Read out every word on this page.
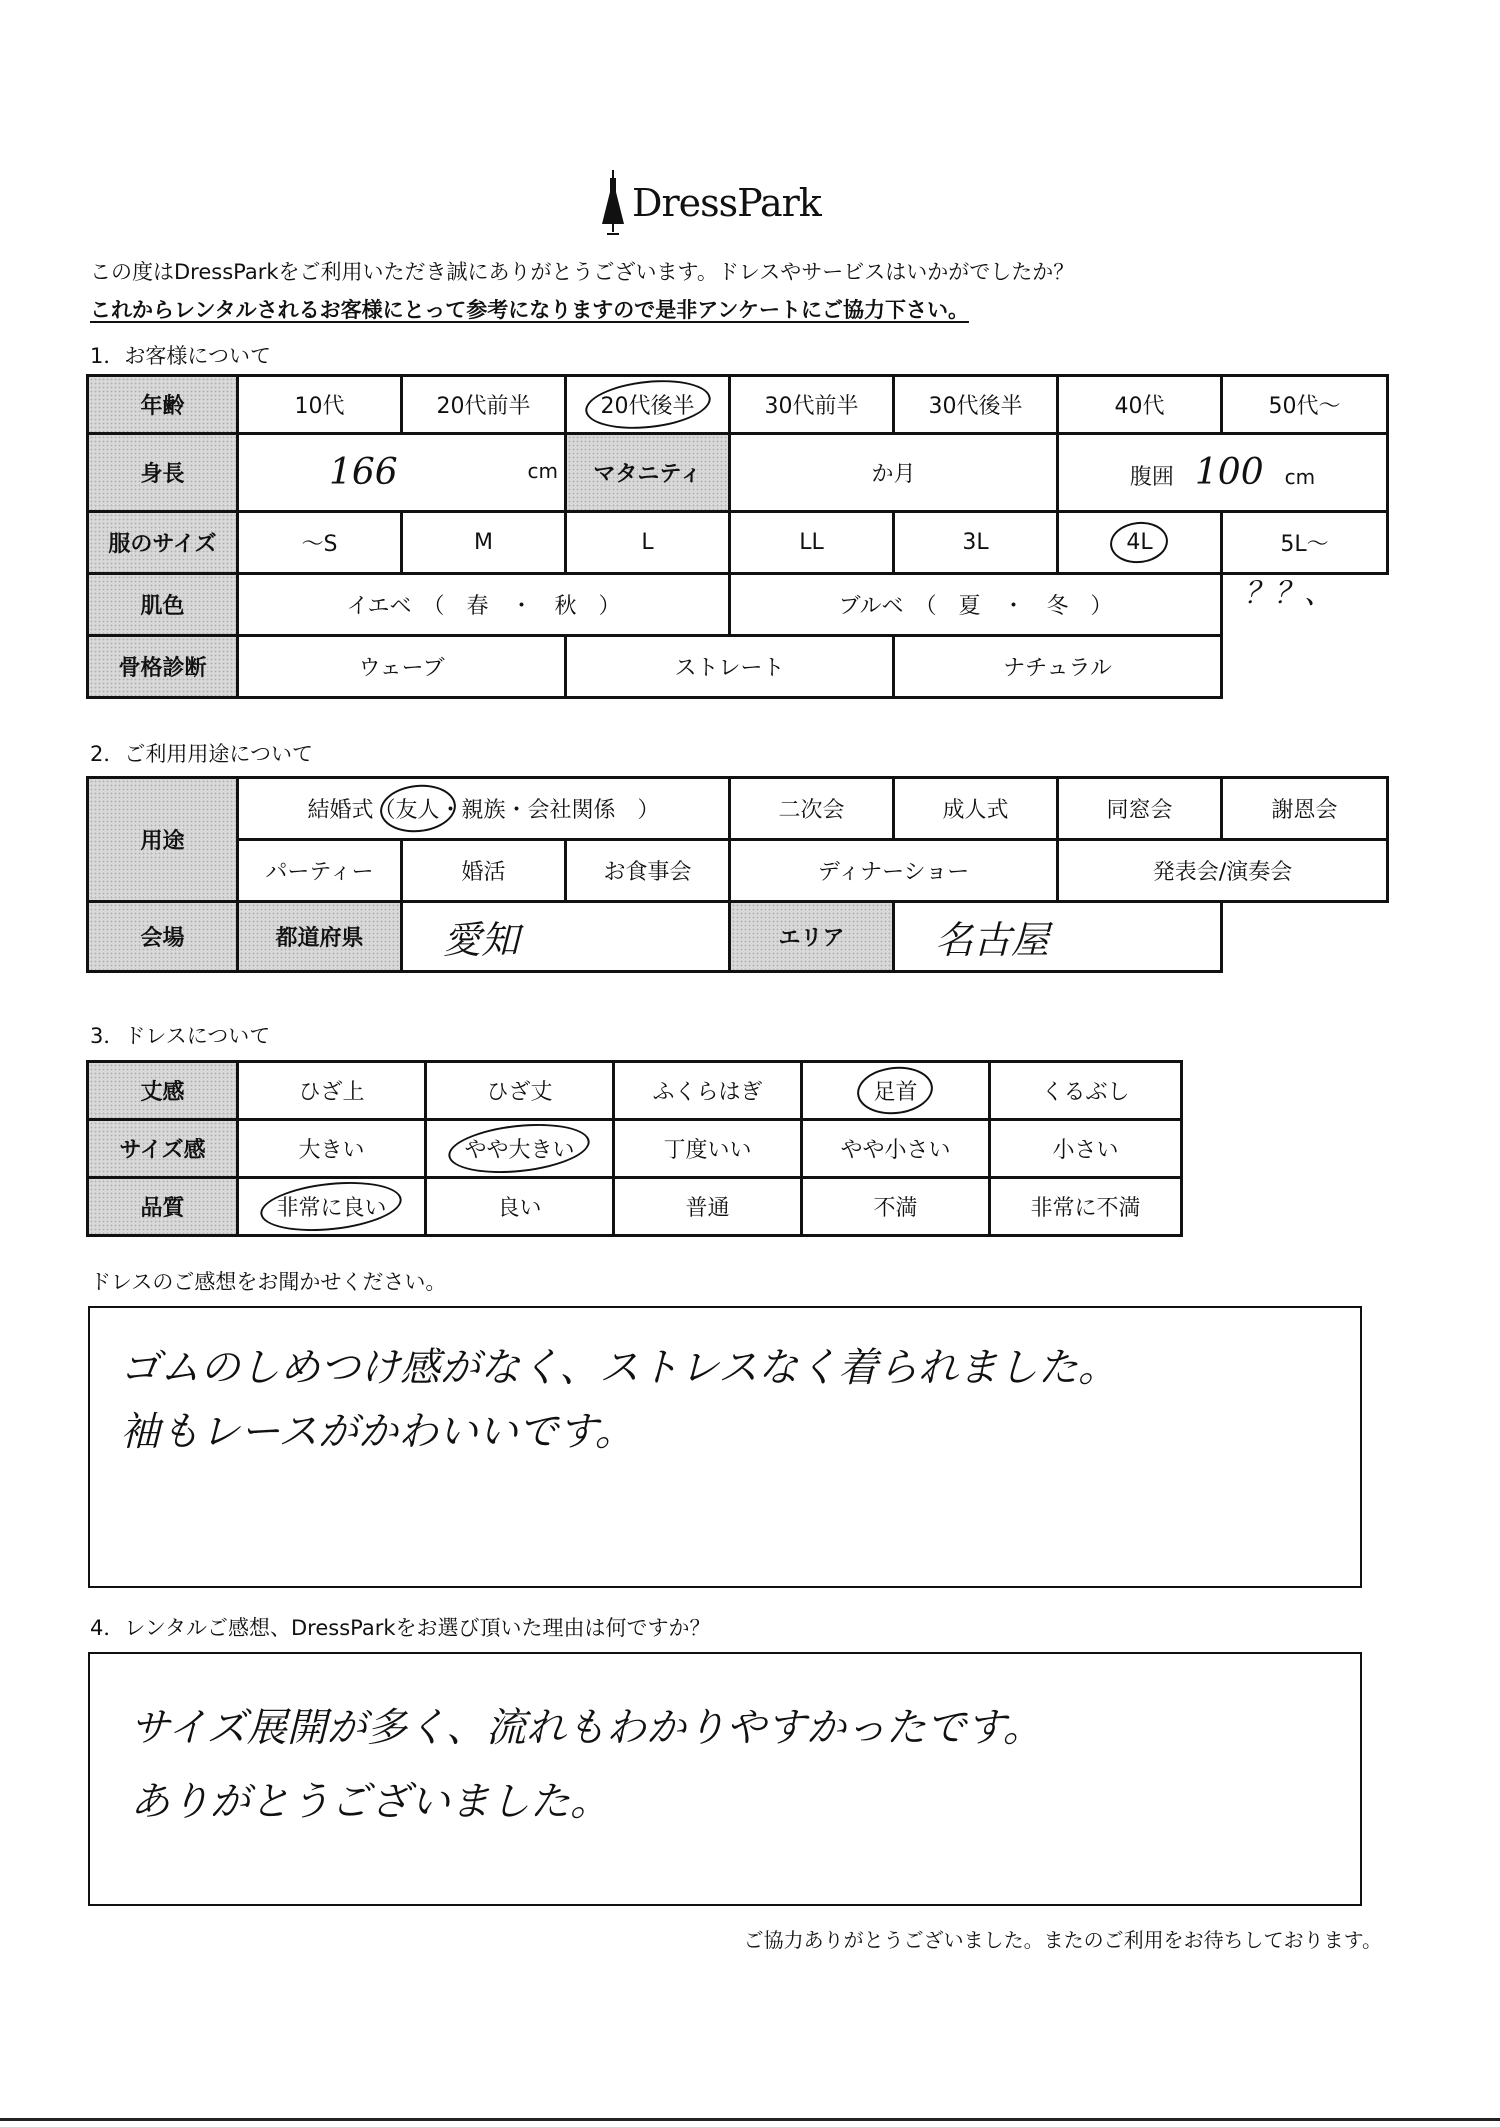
DressPark
この度はDressParkをご利用いただき誠にありがとうございます。ドレスやサービスはいかがでしたか？
これからレンタルされるお客様にとって参考になりますので是非アンケートにご協力下さい。
1．お客様について
年齢	10代	20代前半	20代後半	30代前半	30代後半	40代	50代～
身長	166 cm		マタニティ	か月		腹囲 100 cm	
服のサイズ	～S	M	L	LL	3L	4L	5L～
肌色	イエベ　（　春　・　秋　）			ブルベ　（　夏　・　冬　）			
骨格診断	ウェーブ		ストレート		ナチュラル		
？？、
2．ご利用用途について
用途	結婚式（友人・親族・会社関係　）			二次会	成人式	同窓会	謝恩会
	パーティー	婚活	お食事会	ディナーショー		発表会/演奏会	
会場	都道府県	愛知		エリア	名古屋		
3．ドレスについて
丈感	ひざ上	ひざ丈	ふくらはぎ	足首	くるぶし
サイズ感	大きい	やや大きい	丁度いい	やや小さい	小さい
品質	非常に良い	良い	普通	不満	非常に不満
ドレスのご感想をお聞かせください。
ゴムのしめつけ感がなく、ストレスなく着られました。
袖もレースがかわいいです。
4．レンタルご感想、DressParkをお選び頂いた理由は何ですか？
サイズ展開が多く、流れもわかりやすかったです。
ありがとうございました。
ご協力ありがとうございました。またのご利用をお待ちしております。
